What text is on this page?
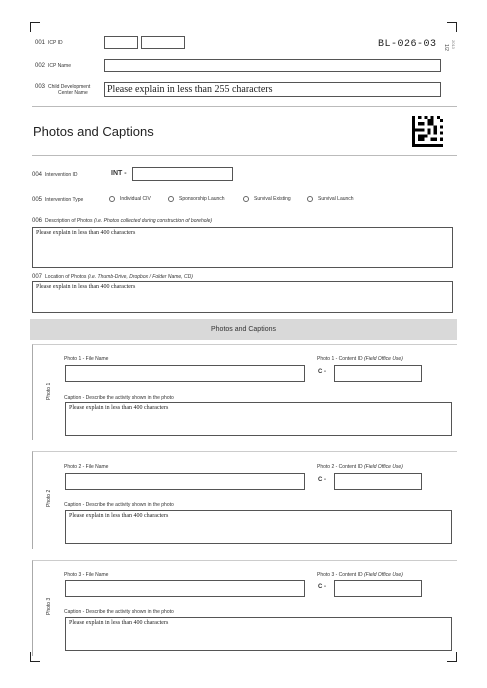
001 ICP ID	BL-026-03 1/2 2013
002 ICP Name
003 Child Development
Center Name Please explain in less than 255 characters
Photos and Captions
004 Intervention ID	INT -
005 Intervention Type	Individual CIV	Sponsorship Launch	Survival Existing	Survival Launch
006 Description of Photos (i.e. Photos collected during construction of borehole)
Please explain in less than 400 characters
007 Location of Photos (i.e. Thumb-Drive, Dropbox / Folder Name, CD)
Please explain in less than 400 characters
Photos and Captions
Photo 1
Photo 1 - File Name	Photo 1 - Content ID (Field Office Use)
C -
Caption - Describe the activity shown in the photo
Please explain in less than 400 characters
Photo 2
Photo 2 - File Name	Photo 2 - Content ID (Field Office Use)
C -
Caption - Describe the activity shown in the photo
Please explain in less than 400 characters
Photo 3
Photo 3 - File Name	Photo 3 - Content ID (Field Office Use)
C -
Caption - Describe the activity shown in the photo
Please explain in less than 400 characters
